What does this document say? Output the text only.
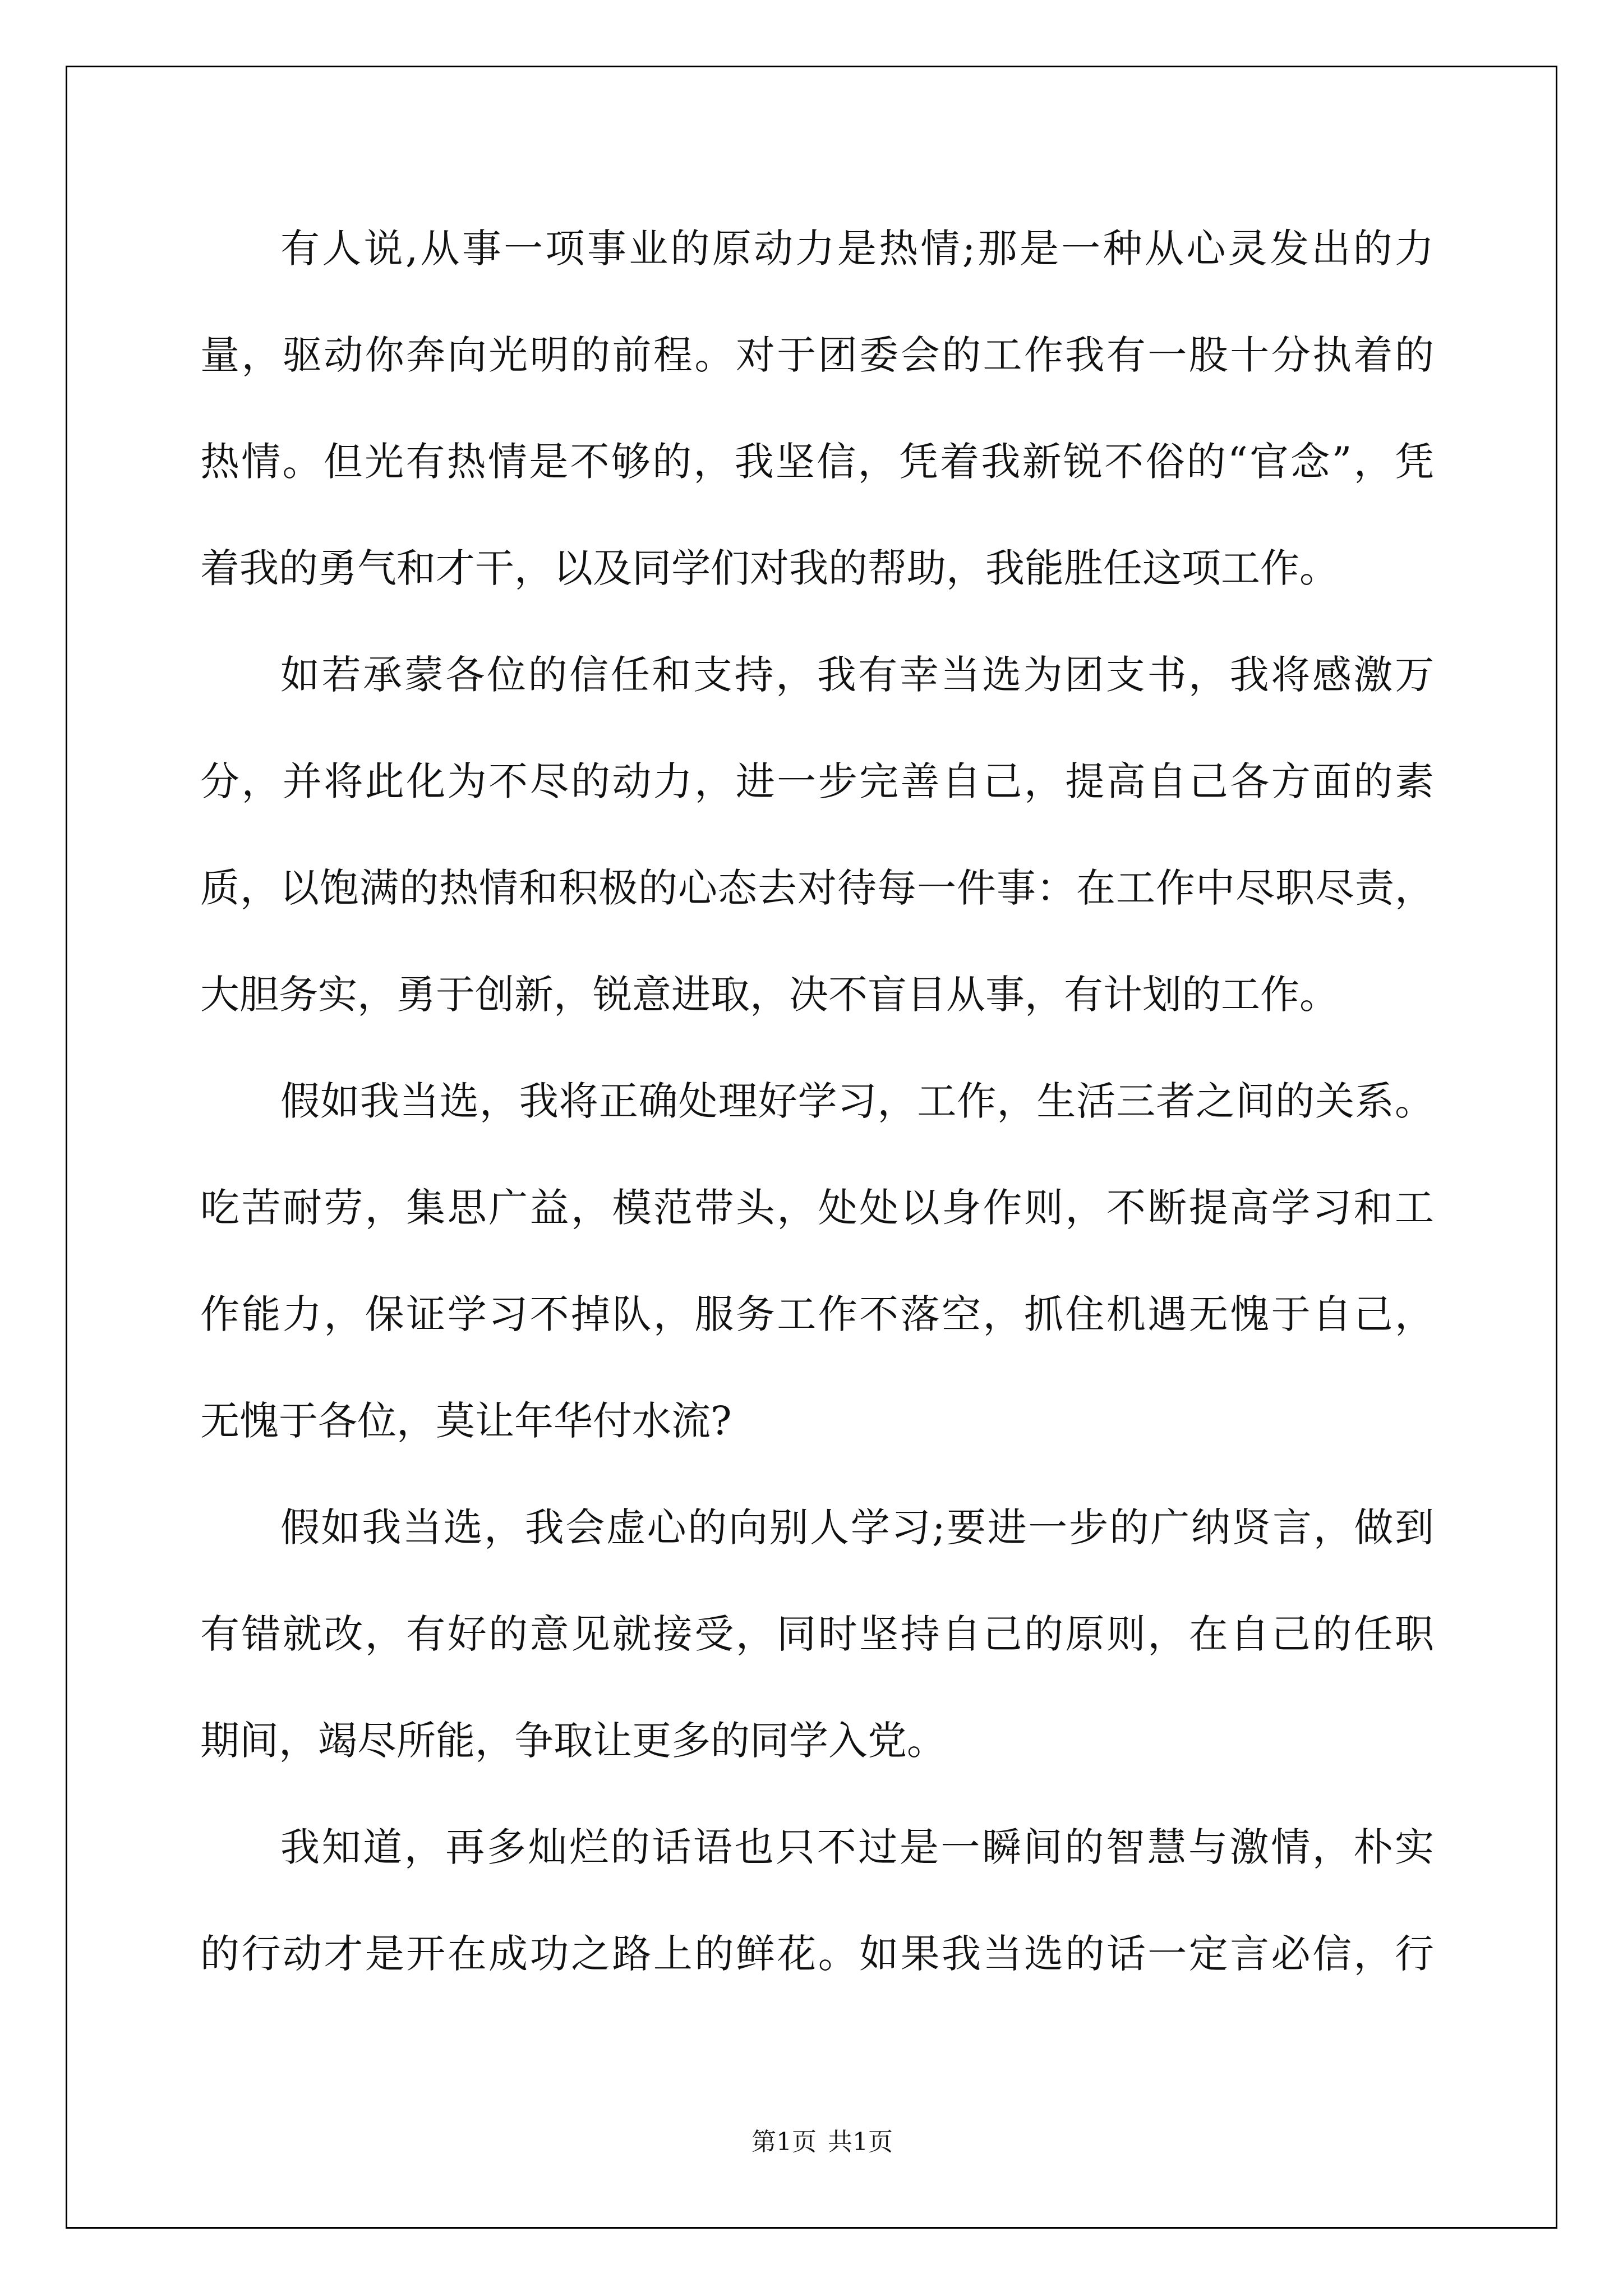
有人说,从事一项事业的原动力是热情;那是一种从心灵发出的力
量，驱动你奔向光明的前程。对于团委会的工作我有一股十分执着的
热情。但光有热情是不够的，我坚信，凭着我新锐不俗的“官念”，凭
着我的勇气和才干，以及同学们对我的帮助，我能胜任这项工作。
如若承蒙各位的信任和支持，我有幸当选为团支书，我将感激万
分，并将此化为不尽的动力，进一步完善自己，提高自己各方面的素
质，以饱满的热情和积极的心态去对待每一件事：在工作中尽职尽责，
大胆务实，勇于创新，锐意进取，决不盲目从事，有计划的工作。
假如我当选，我将正确处理好学习，工作，生活三者之间的关系。
吃苦耐劳，集思广益，模范带头，处处以身作则，不断提高学习和工
作能力，保证学习不掉队，服务工作不落空，抓住机遇无愧于自己，
无愧于各位，莫让年华付水流?
假如我当选，我会虚心的向别人学习;要进一步的广纳贤言，做到
有错就改，有好的意见就接受，同时坚持自己的原则，在自己的任职
期间，竭尽所能，争取让更多的同学入党。
我知道，再多灿烂的话语也只不过是一瞬间的智慧与激情，朴实
的行动才是开在成功之路上的鲜花。如果我当选的话一定言必信，行
第1页 共1页
